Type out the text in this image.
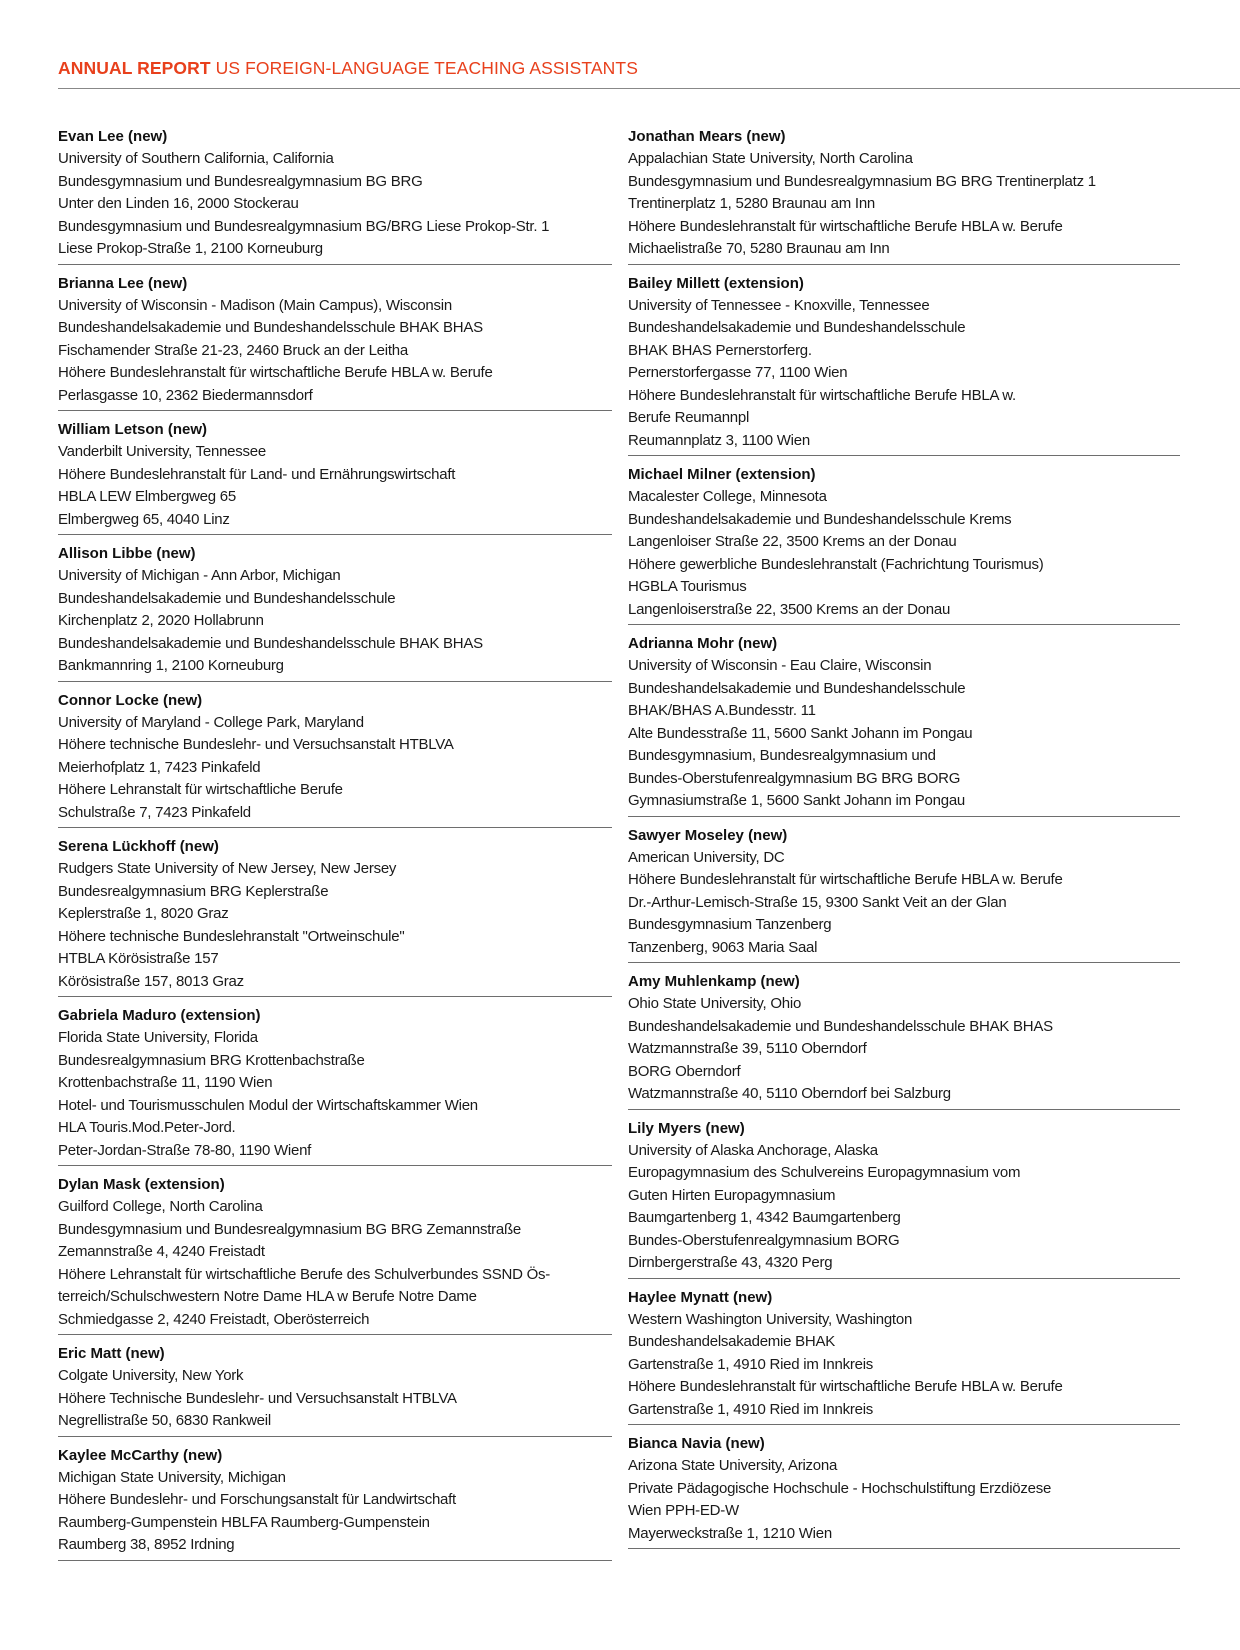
ANNUAL REPORT US FOREIGN-LANGUAGE TEACHING ASSISTANTS
Evan Lee (new)
University of Southern California, California
Bundesgymnasium und Bundesrealgymnasium BG BRG
Unter den Linden 16, 2000 Stockerau
Bundesgymnasium und Bundesrealgymnasium BG/BRG Liese Prokop-Str. 1
Liese Prokop-Straße 1, 2100 Korneuburg
Brianna Lee (new)
University of Wisconsin - Madison (Main Campus), Wisconsin
Bundeshandelsakademie und Bundeshandelsschule BHAK BHAS
Fischamender Straße 21-23, 2460 Bruck an der Leitha
Höhere Bundeslehranstalt für wirtschaftliche Berufe HBLA w. Berufe
Perlasgasse 10, 2362 Biedermannsdorf
William Letson (new)
Vanderbilt University, Tennessee
Höhere Bundeslehranstalt für Land- und Ernährungswirtschaft
HBLA LEW Elmbergweg 65
Elmbergweg 65, 4040 Linz
Allison Libbe (new)
University of Michigan - Ann Arbor, Michigan
Bundeshandelsakademie und Bundeshandelsschule
Kirchenplatz 2, 2020 Hollabrunn
Bundeshandelsakademie und Bundeshandelsschule BHAK BHAS
Bankmannring 1, 2100 Korneuburg
Connor Locke (new)
University of Maryland - College Park, Maryland
Höhere technische Bundeslehr- und Versuchsanstalt HTBLVA
Meierhofplatz 1, 7423 Pinkafeld
Höhere Lehranstalt für wirtschaftliche Berufe
Schulstraße 7, 7423 Pinkafeld
Serena Lückhoff (new)
Rudgers State University of New Jersey, New Jersey
Bundesrealgymnasium BRG Keplerstraße
Keplerstraße 1, 8020 Graz
Höhere technische Bundeslehranstalt "Ortweinschule"
HTBLA Körösistraße 157
Körösistraße 157, 8013 Graz
Gabriela Maduro (extension)
Florida State University, Florida
Bundesrealgymnasium BRG Krottenbachstraße
Krottenbachstraße 11, 1190 Wien
Hotel- und Tourismusschulen Modul der Wirtschaftskammer Wien
HLA Touris.Mod.Peter-Jord.
Peter-Jordan-Straße 78-80, 1190 Wienf
Dylan Mask (extension)
Guilford College, North Carolina
Bundesgymnasium und Bundesrealgymnasium BG BRG Zemannstraße
Zemannstraße 4, 4240 Freistadt
Höhere Lehranstalt für wirtschaftliche Berufe des Schulverbundes SSND Ös-
terreich/Schulschwestern Notre Dame HLA w Berufe Notre Dame
Schmiedgasse 2, 4240 Freistadt, Oberösterreich
Eric Matt (new)
Colgate University, New York
Höhere Technische Bundeslehr- und Versuchsanstalt HTBLVA
Negrellistraße 50, 6830 Rankweil
Kaylee McCarthy (new)
Michigan State University, Michigan
Höhere Bundeslehr- und Forschungsanstalt für Landwirtschaft
Raumberg-Gumpenstein HBLFA Raumberg-Gumpenstein
Raumberg 38, 8952 Irdning
Jonathan Mears (new)
Appalachian State University, North Carolina
Bundesgymnasium und Bundesrealgymnasium BG BRG Trentinerplatz 1
Trentinerplatz 1, 5280 Braunau am Inn
Höhere Bundeslehranstalt für wirtschaftliche Berufe HBLA w. Berufe
Michaelistraße 70, 5280 Braunau am Inn
Bailey Millett (extension)
University of Tennessee - Knoxville, Tennessee
Bundeshandelsakademie und Bundeshandelsschule
BHAK BHAS Pernerstorferg.
Pernerstorfergasse 77, 1100 Wien
Höhere Bundeslehranstalt für wirtschaftliche Berufe HBLA w.
Berufe Reumannpl
Reumannplatz 3, 1100 Wien
Michael Milner (extension)
Macalester College, Minnesota
Bundeshandelsakademie und Bundeshandelsschule Krems
Langenloiser Straße 22, 3500 Krems an der Donau
Höhere gewerbliche Bundeslehranstalt (Fachrichtung Tourismus)
HGBLA Tourismus
Langenloiserstraße 22, 3500 Krems an der Donau
Adrianna Mohr (new)
University of Wisconsin - Eau Claire, Wisconsin
Bundeshandelsakademie und Bundeshandelsschule
BHAK/BHAS A.Bundesstr. 11
Alte Bundesstraße 11, 5600 Sankt Johann im Pongau
Bundesgymnasium, Bundesrealgymnasium und
Bundes-Oberstufenrealgymnasium BG BRG BORG
Gymnasiumstraße 1, 5600 Sankt Johann im Pongau
Sawyer Moseley (new)
American University, DC
Höhere Bundeslehranstalt für wirtschaftliche Berufe HBLA w. Berufe
Dr.-Arthur-Lemisch-Straße 15, 9300 Sankt Veit an der Glan
Bundesgymnasium Tanzenberg
Tanzenberg, 9063 Maria Saal
Amy Muhlenkamp (new)
Ohio State University, Ohio
Bundeshandelsakademie und Bundeshandelsschule BHAK BHAS
Watzmannstraße 39, 5110 Oberndorf
BORG Oberndorf
Watzmannstraße 40, 5110 Oberndorf bei Salzburg
Lily Myers (new)
University of Alaska Anchorage, Alaska
Europagymnasium des Schulvereins Europagymnasium vom
Guten Hirten Europagymnasium
Baumgartenberg 1, 4342 Baumgartenberg
Bundes-Oberstufenrealgymnasium BORG
Dirnbergerstraße 43, 4320 Perg
Haylee Mynatt (new)
Western Washington University, Washington
Bundeshandelsakademie BHAK
Gartenstraße 1, 4910 Ried im Innkreis
Höhere Bundeslehranstalt für wirtschaftliche Berufe HBLA w. Berufe
Gartenstraße 1, 4910 Ried im Innkreis
Bianca Navia (new)
Arizona State University, Arizona
Private Pädagogische Hochschule - Hochschulstiftung Erzdiözese
Wien PPH-ED-W
Mayerweckstraße 1, 1210 Wien
